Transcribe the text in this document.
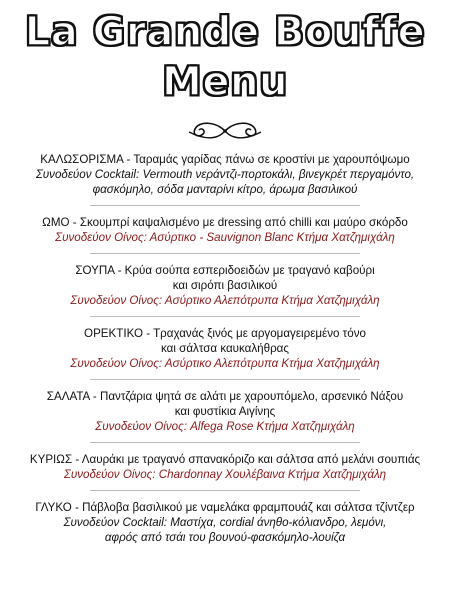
La Grande Bouffe
Menu
ΚΑΛΩΣΟΡΙΣΜΑ - Ταραμάς γαρίδας πάνω σε κροστίνι με χαρουπόψωμο
Συνοδεύον Cocktail: Vermouth νεράντζι-πορτοκάλι, βινεγκρέτ περγαμόντο,
φασκόμηλο, σόδα μανταρίνι κίτρο, άρωμα βασιλικού
ΩΜΟ - Σκουμπρί καψαλισμένο με dressing από chilli και μαύρο σκόρδο
Συνοδεύον Οίνος: Ασύρτικο - Sauvignon Blanc Κτήμα Χατζημιχάλη
ΣΟΥΠΑ - Κρύα σούπα εσπεριδοειδών με τραγανό καβούρι
και σιρόπι βασιλικού
Συνοδεύον Οίνος: Ασύρτικο Αλεπότρυπα Κτήμα Χατζημιχάλη
ΟΡΕΚΤΙΚΟ - Τραχανάς ξινός με αργομαγειρεμένο τόνο
και σάλτσα καυκαλήθρας
Συνοδεύον Οίνος: Ασύρτικο Αλεπότρυπα Κτήμα Χατζημιχάλη
ΣΑΛΑΤΑ - Παντζάρια ψητά σε αλάτι με χαρουπόμελο, αρσενικό Νάξου
και φυστίκια Αιγίνης
Συνοδεύον Οίνος: Alfega Rose Κτήμα Χατζημιχάλη
ΚΥΡΙΩΣ - Λαυράκι με τραγανό σπανακόριζο και σάλτσα από μελάνι σουπιάς
Συνοδεύον Οίνος: Chardonnay Χουλέβαινα Κτήμα Χατζημιχάλη
ΓΛΥΚΟ - Πάβλοβα βασιλικού με ναμελάκα φραμπουάζ και σάλτσα τζίντζερ
Συνοδεύον Cocktail: Μαστίχα, cordial άνηθο-κόλιανδρο, λεμόνι,
αφρός από τσάι του βουνού-φασκόμηλο-λουίζα
